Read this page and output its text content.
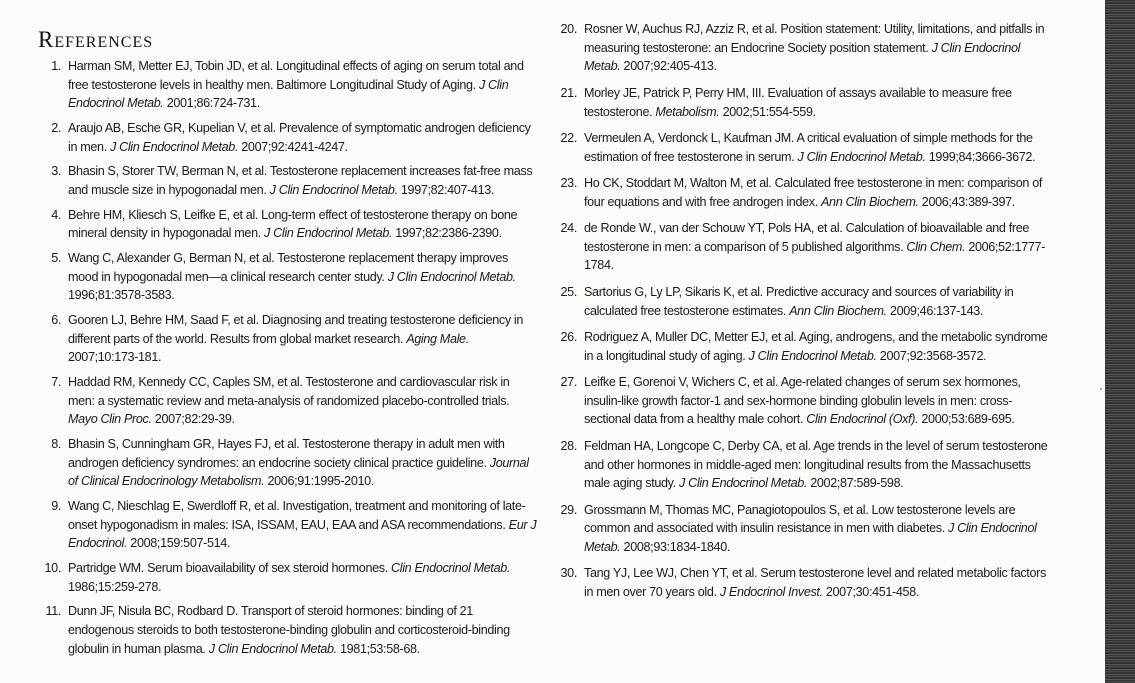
References
1. Harman SM, Metter EJ, Tobin JD, et al. Longitudinal effects of aging on serum total and free testosterone levels in healthy men. Baltimore Longitudinal Study of Aging. J Clin Endocrinol Metab. 2001;86:724-731.
2. Araujo AB, Esche GR, Kupelian V, et al. Prevalence of symptomatic androgen deficiency in men. J Clin Endocrinol Metab. 2007;92:4241-4247.
3. Bhasin S, Storer TW, Berman N, et al. Testosterone replacement increases fat-free mass and muscle size in hypogonadal men. J Clin Endocrinol Metab. 1997;82:407-413.
4. Behre HM, Kliesch S, Leifke E, et al. Long-term effect of testosterone therapy on bone mineral density in hypogonadal men. J Clin Endocrinol Metab. 1997;82:2386-2390.
5. Wang C, Alexander G, Berman N, et al. Testosterone replacement therapy improves mood in hypogonadal men—a clinical research center study. J Clin Endocrinol Metab. 1996;81:3578-3583.
6. Gooren LJ, Behre HM, Saad F, et al. Diagnosing and treating testosterone deficiency in different parts of the world. Results from global market research. Aging Male. 2007;10:173-181.
7. Haddad RM, Kennedy CC, Caples SM, et al. Testosterone and cardiovascular risk in men: a systematic review and meta-analysis of randomized placebo-controlled trials. Mayo Clin Proc. 2007;82:29-39.
8. Bhasin S, Cunningham GR, Hayes FJ, et al. Testosterone therapy in adult men with androgen deficiency syndromes: an endocrine society clinical practice guideline. Journal of Clinical Endocrinology Metabolism. 2006;91:1995-2010.
9. Wang C, Nieschlag E, Swerdloff R, et al. Investigation, treatment and monitoring of late-onset hypogonadism in males: ISA, ISSAM, EAU, EAA and ASA recommendations. Eur J Endocrinol. 2008;159:507-514.
10. Partridge WM. Serum bioavailability of sex steroid hormones. Clin Endocrinol Metab. 1986;15:259-278.
11. Dunn JF, Nisula BC, Rodbard D. Transport of steroid hormones: binding of 21 endogenous steroids to both testosterone-binding globulin and corticosteroid-binding globulin in human plasma. J Clin Endocrinol Metab. 1981;53:58-68.
20. Rosner W, Auchus RJ, Azziz R, et al. Position statement: Utility, limitations, and pitfalls in measuring testosterone: an Endocrine Society position statement. J Clin Endocrinol Metab. 2007;92:405-413.
21. Morley JE, Patrick P, Perry HM, III. Evaluation of assays available to measure free testosterone. Metabolism. 2002;51:554-559.
22. Vermeulen A, Verdonck L, Kaufman JM. A critical evaluation of simple methods for the estimation of free testosterone in serum. J Clin Endocrinol Metab. 1999;84:3666-3672.
23. Ho CK, Stoddart M, Walton M, et al. Calculated free testosterone in men: comparison of four equations and with free androgen index. Ann Clin Biochem. 2006;43:389-397.
24. de Ronde W., van der Schouw YT, Pols HA, et al. Calculation of bioavailable and free testosterone in men: a comparison of 5 published algorithms. Clin Chem. 2006;52:1777-1784.
25. Sartorius G, Ly LP, Sikaris K, et al. Predictive accuracy and sources of variability in calculated free testosterone estimates. Ann Clin Biochem. 2009;46:137-143.
26. Rodriguez A, Muller DC, Metter EJ, et al. Aging, androgens, and the metabolic syndrome in a longitudinal study of aging. J Clin Endocrinol Metab. 2007;92:3568-3572.
27. Leifke E, Gorenoi V, Wichers C, et al. Age-related changes of serum sex hormones, insulin-like growth factor-1 and sex-hormone binding globulin levels in men: cross-sectional data from a healthy male cohort. Clin Endocrinol (Oxf). 2000;53:689-695.
28. Feldman HA, Longcope C, Derby CA, et al. Age trends in the level of serum testosterone and other hormones in middle-aged men: longitudinal results from the Massachusetts male aging study. J Clin Endocrinol Metab. 2002;87:589-598.
29. Grossmann M, Thomas MC, Panagiotopoulos S, et al. Low testosterone levels are common and associated with insulin resistance in men with diabetes. J Clin Endocrinol Metab. 2008;93:1834-1840.
30. Tang YJ, Lee WJ, Chen YT, et al. Serum testosterone level and related metabolic factors in men over 70 years old. J Endocrinol Invest. 2007;30:451-458.
